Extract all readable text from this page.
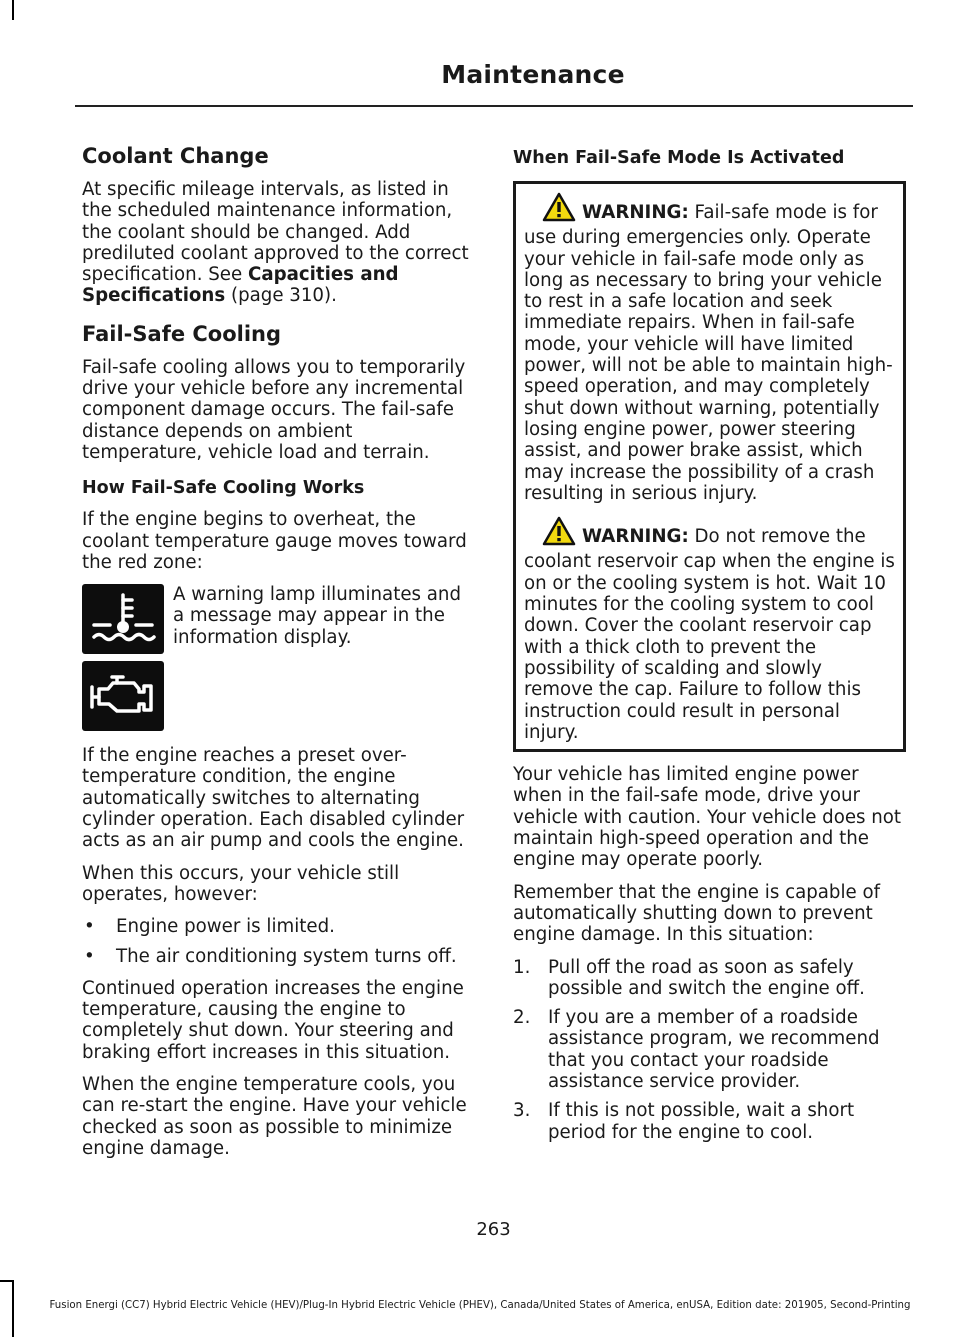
Maintenance
Coolant Change

At specific mileage intervals, as listed in the scheduled maintenance information, the coolant should be changed. Add prediluted coolant approved to the correct specification. See Capacities and Specifications (page 310).

Fail-Safe Cooling

Fail-safe cooling allows you to temporarily drive your vehicle before any incremental component damage occurs. The fail-safe distance depends on ambient temperature, vehicle load and terrain.

How Fail-Safe Cooling Works

If the engine begins to overheat, the coolant temperature gauge moves toward the red zone:

A warning lamp illuminates and a message may appear in the information display.

If the engine reaches a preset over-temperature condition, the engine automatically switches to alternating cylinder operation. Each disabled cylinder acts as an air pump and cools the engine.

When this occurs, your vehicle still operates, however:

• Engine power is limited.
• The air conditioning system turns off.

Continued operation increases the engine temperature, causing the engine to completely shut down. Your steering and braking effort increases in this situation.

When the engine temperature cools, you can re-start the engine. Have your vehicle checked as soon as possible to minimize engine damage.

When Fail-Safe Mode Is Activated
WARNING: Fail-safe mode is for use during emergencies only. Operate your vehicle in fail-safe mode only as long as necessary to bring your vehicle to rest in a safe location and seek immediate repairs. When in fail-safe mode, your vehicle will have limited power, will not be able to maintain high-speed operation, and may completely shut down without warning, potentially losing engine power, power steering assist, and power brake assist, which may increase the possibility of a crash resulting in serious injury.
WARNING: Do not remove the coolant reservoir cap when the engine is on or the cooling system is hot. Wait 10 minutes for the cooling system to cool down. Cover the coolant reservoir cap with a thick cloth to prevent the possibility of scalding and slowly remove the cap. Failure to follow this instruction could result in personal injury.

Your vehicle has limited engine power when in the fail-safe mode, drive your vehicle with caution. Your vehicle does not maintain high-speed operation and the engine may operate poorly.

Remember that the engine is capable of automatically shutting down to prevent engine damage. In this situation:

1. Pull off the road as soon as safely possible and switch the engine off.
2. If you are a member of a roadside assistance program, we recommend that you contact your roadside assistance service provider.
3. If this is not possible, wait a short period for the engine to cool.
263
Fusion Energi (CC7) Hybrid Electric Vehicle (HEV)/Plug-In Hybrid Electric Vehicle (PHEV), Canada/United States of America, enUSA, Edition date: 201905, Second-Printing
